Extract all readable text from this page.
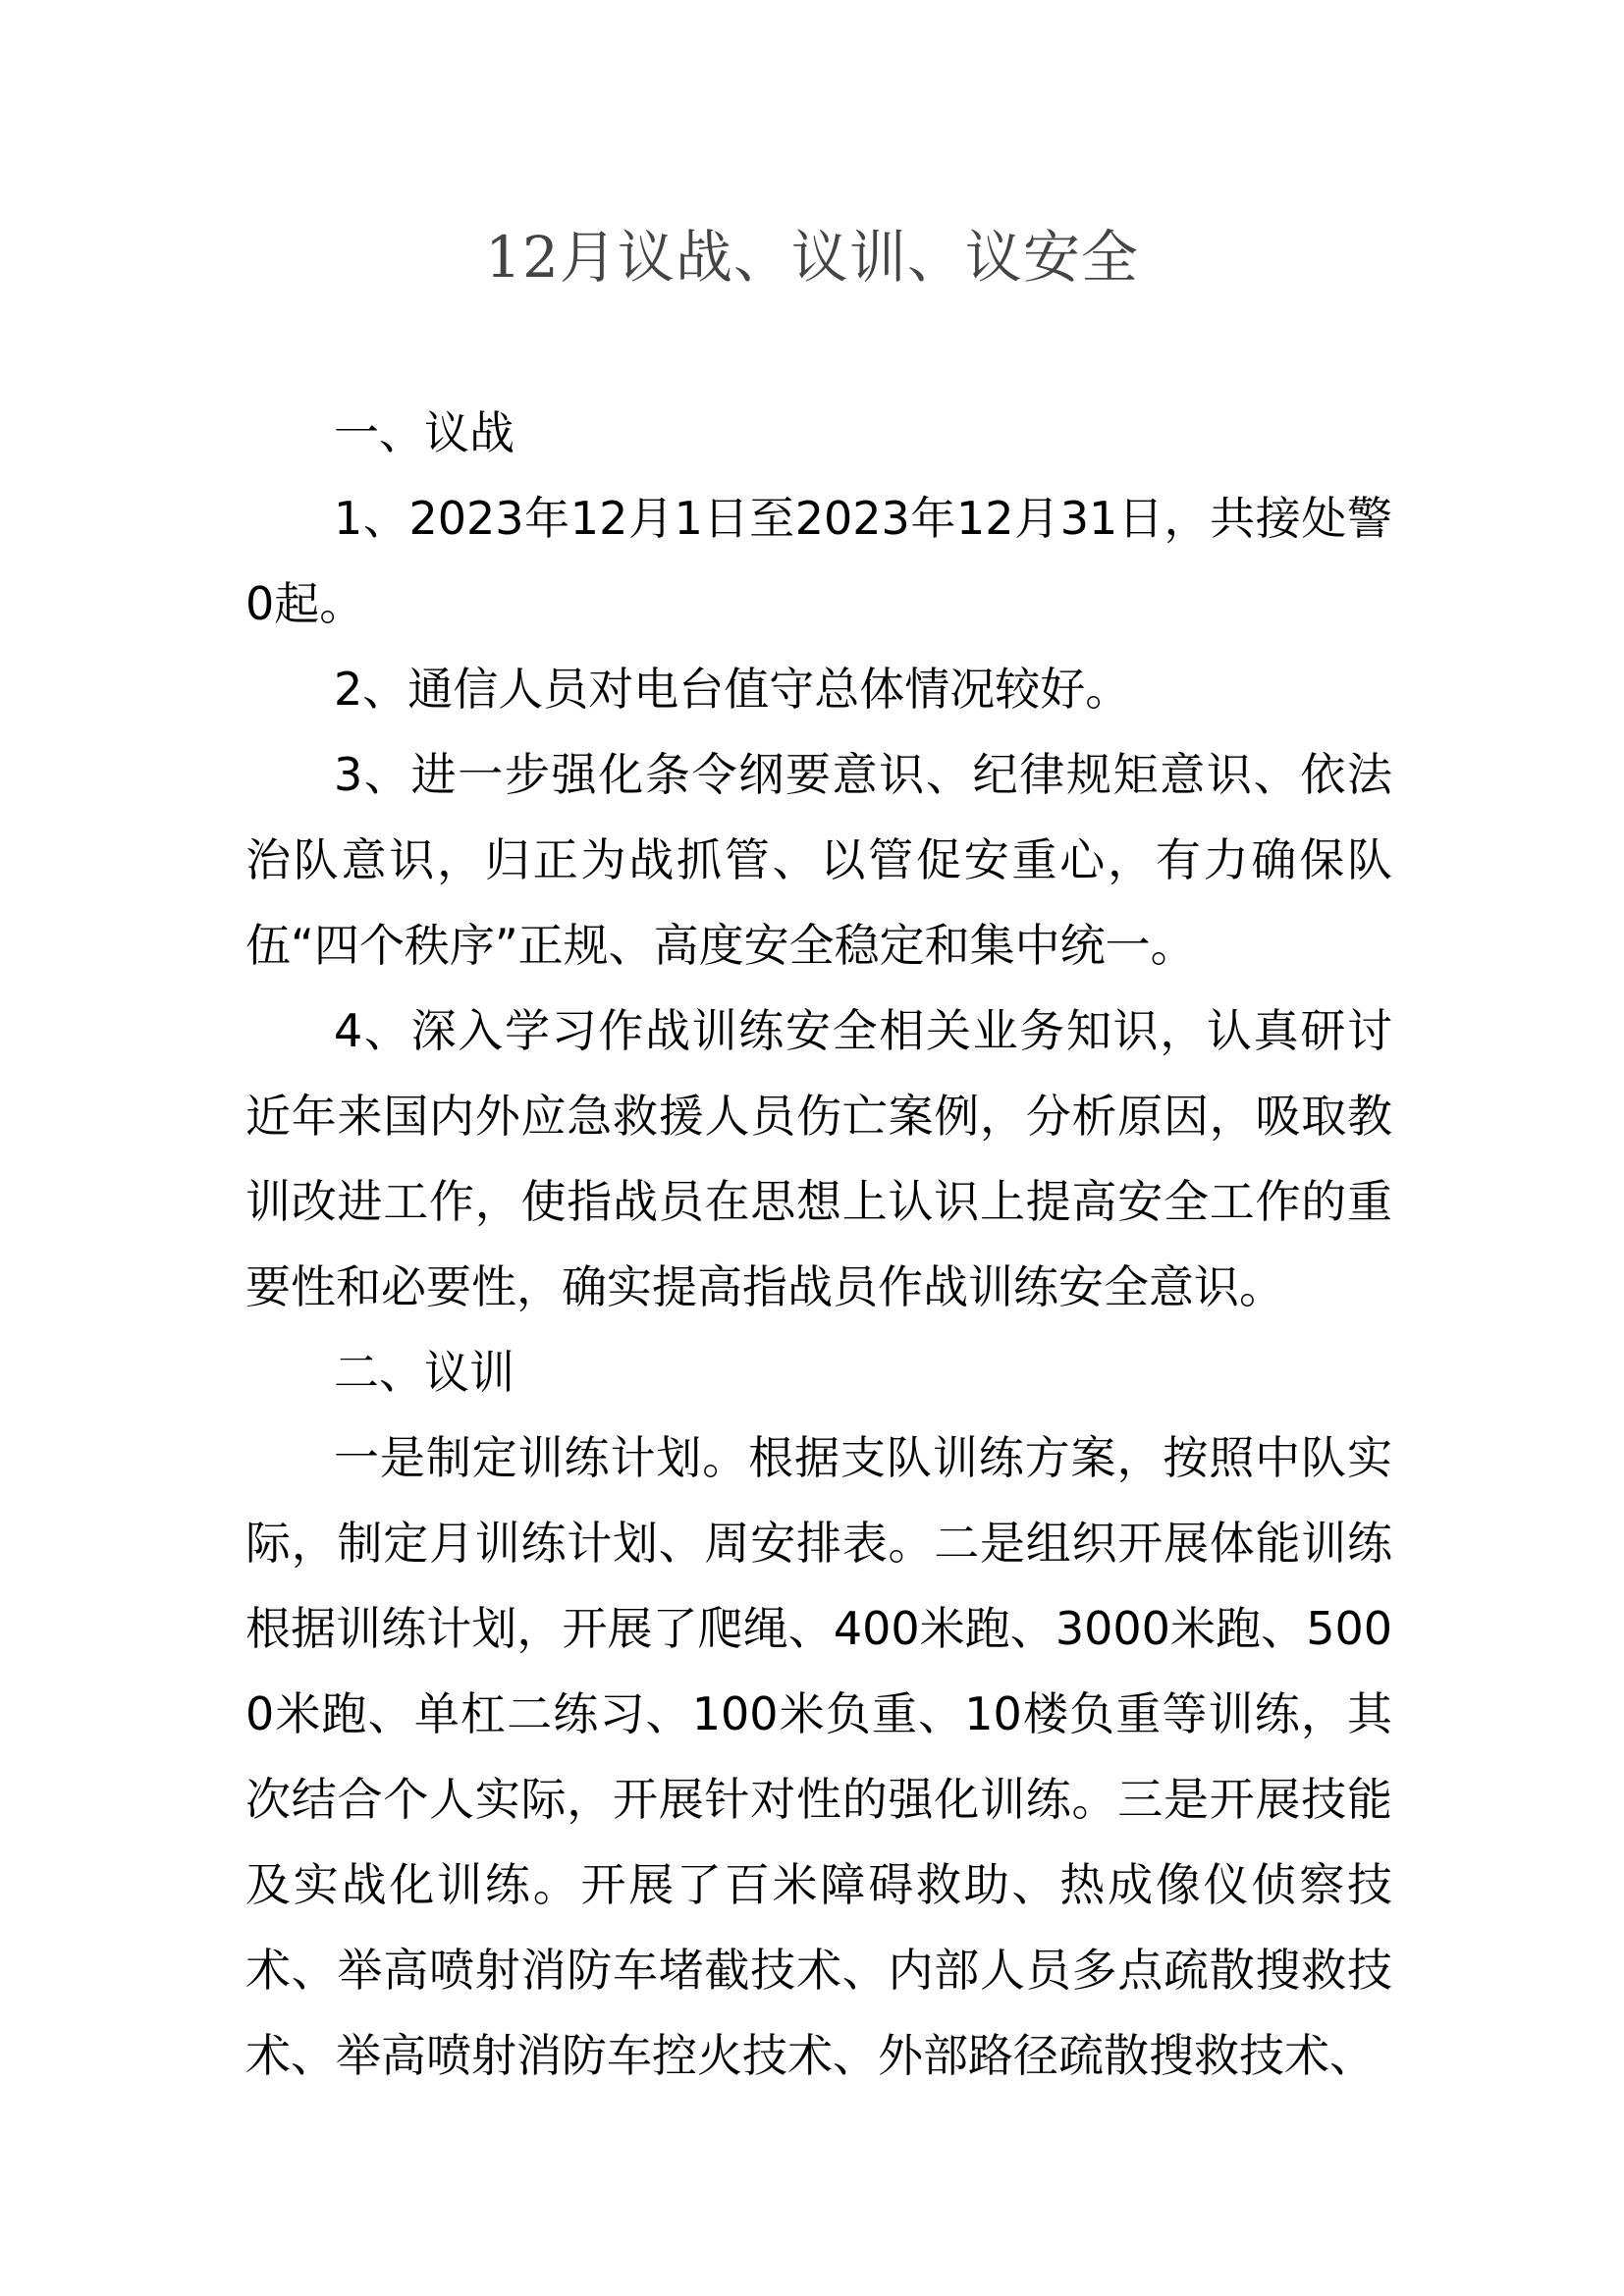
12月议战、议训、议安全

一、议战

1、2023年12月1日至2023年12月31日，共接处警0起。

2、通信人员对电台值守总体情况较好。

3、进一步强化条令纲要意识、纪律规矩意识、依法治队意识，归正为战抓管、以管促安重心，有力确保队伍“四个秩序”正规、高度安全稳定和集中统一。

4、深入学习作战训练安全相关业务知识，认真研讨近年来国内外应急救援人员伤亡案例，分析原因，吸取教训改进工作，使指战员在思想上认识上提高安全工作的重要性和必要性，确实提高指战员作战训练安全意识。

二、议训

一是制定训练计划。根据支队训练方案，按照中队实际，制定月训练计划、周安排表。二是组织开展体能训练根据训练计划，开展了爬绳、400米跑、3000米跑、5000米跑、单杠二练习、100米负重、10楼负重等训练，其次结合个人实际，开展针对性的强化训练。三是开展技能及实战化训练。开展了百米障碍救助、热成像仪侦察技术、举高喷射消防车堵截技术、内部人员多点疏散搜救技术、举高喷射消防车控火技术、外部路径疏散搜救技术、
